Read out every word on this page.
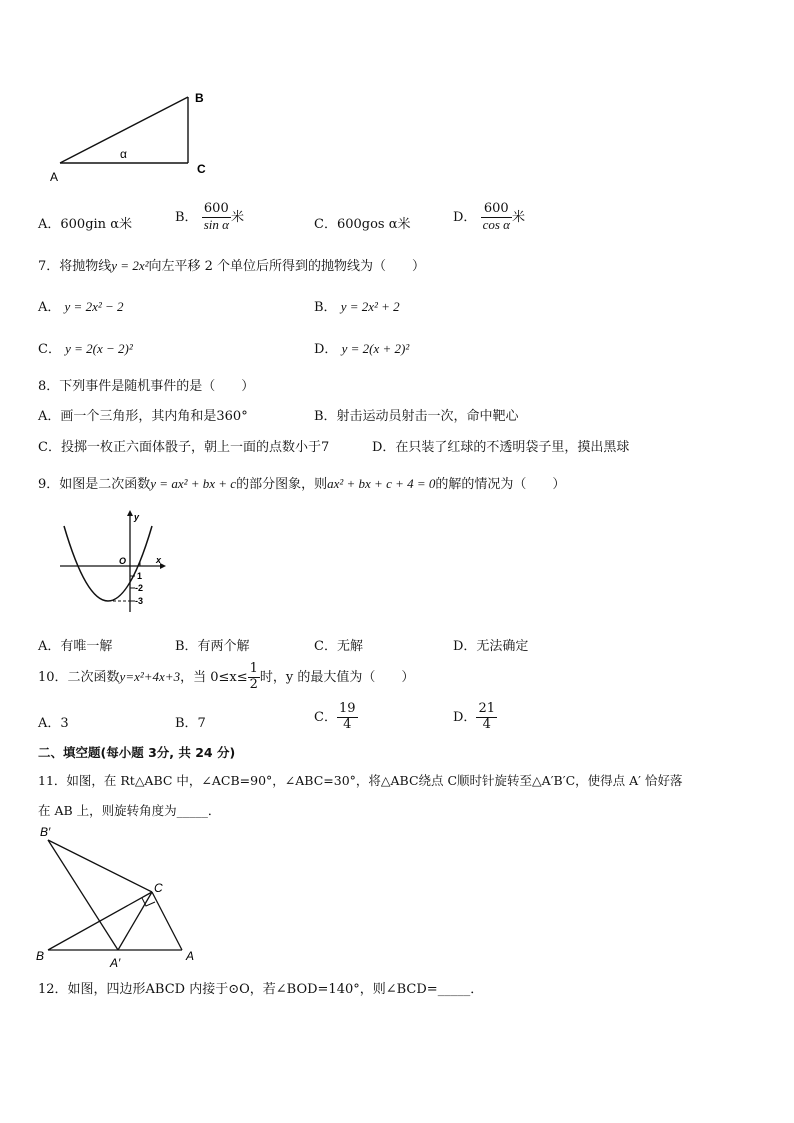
B
C
A
α
A．600gin α米	B． $\frac{600}{\text{sin α}}$ 米	C．600gos α米	D． $\frac{600}{\text{cos α}}$ 米
7．将抛物线y = 2x²向左平移 2 个单位后所得到的抛物线为（　　）
A． y = 2x² − 2	B． y = 2x² + 2
C． y = 2(x − 2)²	D． y = 2(x + 2)²
8．下列事件是随机事件的是（　　）
A．画一个三角形，其内角和是360°	B．射击运动员射击一次，命中靶心
C．投掷一枚正六面体骰子，朝上一面的点数小于7	D．在只装了红球的不透明袋子里，摸出黑球
9．如图是二次函数y = ax² + bx + c的部分图象，则ax² + bx + c + 4 = 0的解的情况为（　　）
y
x
O
1
-2
-3
A．有唯一解	B．有两个解	C．无解	D．无法确定
10．二次函数y=x²+4x+3，当 $0\le x\le \frac{1}{2}$ 时，y 的最大值为（　　）
A．3	B．7	C． $\frac{19}{4}$	D． $\frac{21}{4}$
二、填空题(每小题 3分, 共 24 分)
11．如图，在 Rt△ABC 中，∠ACB=90°，∠ABC=30°，将△ABC绕点 C顺时针旋转至△A′B′C，使得点 A′ 恰好落
在 AB 上，则旋转角度为_____．
B′
C
B	A′	A
12．如图，四边形ABCD 内接于⊙O，若∠BOD=140°，则∠BCD=_____．
